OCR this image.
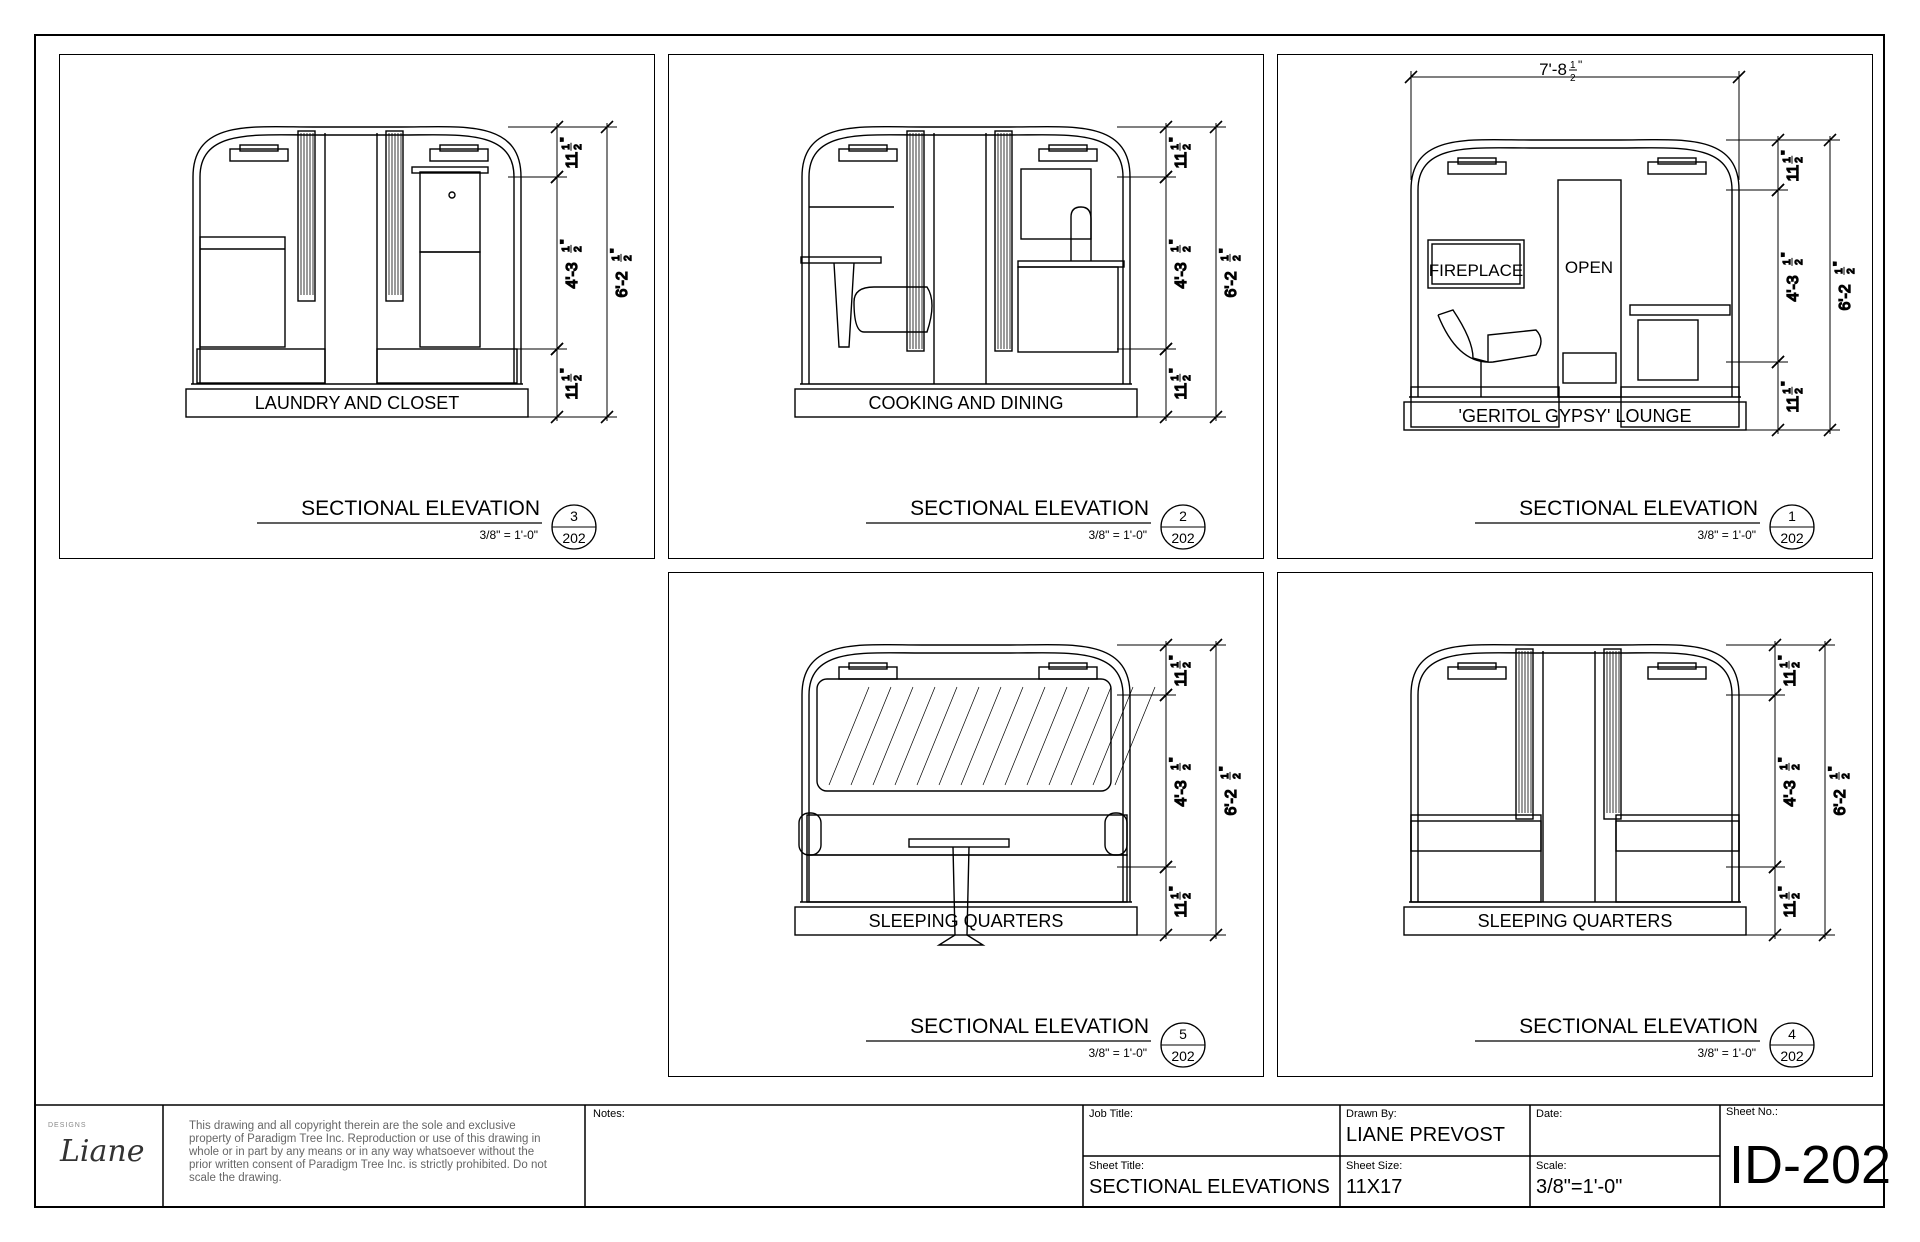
11
1 2
"
4'-3
1 2
"
11
1 2
"
6'-2
1 2
"
LAUNDRY AND CLOSET
SECTIONAL ELEVATION
3/8" = 1'-0"
3
202
11
1 2
"
4'-3
1 2
"
11
1 2
"
6'-2
1 2
"
COOKING AND DINING
SECTIONAL ELEVATION
3/8" = 1'-0"
2
202
11
1 2
"
4'-3
1 2
"
11
1 2
"
6'-2
1 2
"
'GERITOL GYPSY' LOUNGE
FIREPLACE OPEN
7'-8 1
2
"
SECTIONAL ELEVATION
3/8" = 1'-0"
1
202
11
1 2
"
4'-3
1 2
"
11
1 2
"
6'-2
1 2
"
SLEEPING QUARTERS
SECTIONAL ELEVATION
3/8" = 1'-0"
5
202
11
1 2
"
4'-3
1 2
"
11
1 2
"
6'-2
1 2
"
SLEEPING QUARTERS
SECTIONAL ELEVATION
3/8" = 1'-0"
4
202
DESIGNS
Liane
This drawing and all copyright therein are the sole and exclusive property of Paradigm Tree Inc. Reproduction or use of this drawing in whole or in part by any means or in any way whatsoever without the prior written consent of Paradigm Tree Inc. is strictly prohibited. Do not scale the drawing.
Notes:	Job Title:
Sheet Title:
SECTIONAL ELEVATIONS
Drawn By:
LIANE PREVOST
Sheet Size:
11X17
Date:
Scale:
3/8"=1'-0"
Sheet No.:
ID-202
